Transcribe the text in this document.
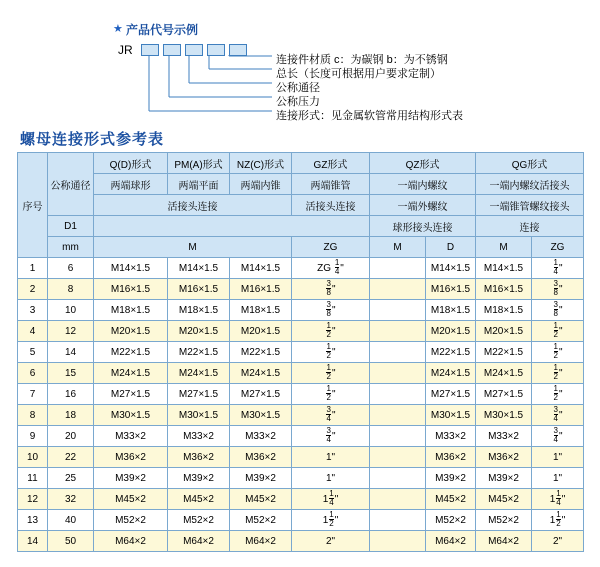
★ 产品代号示例
JR
连接件材质 c：为碳钢 b：为不锈钢
总长（长度可根据用户要求定制）
公称通径
公称压力
连接形式：见金属软管常用结构形式表
螺母连接形式参考表
序号	公称通径	Q(D)形式	PM(A)形式	NZ(C)形式	GZ形式	QZ形式		QG形式	
		两端球形	两端平面	两端内锥	两端锥管	一端内螺纹		一端内螺纹活接头	
		活接头连接			活接头连接	一端外螺纹		一端锥管螺纹接头	
	D1					球形接头连接		连接	
	mm	M			ZG	M	D	M	ZG
1	6	M14×1.5	M14×1.5	M14×1.5	ZG $\frac{1}{4}$ "		M14×1.5	M14×1.5	$\frac{1}{4}$ "
2	8	M16×1.5	M16×1.5	M16×1.5	$\frac{3}{8}$ "		M16×1.5	M16×1.5	$\frac{3}{8}$ "
3	10	M18×1.5	M18×1.5	M18×1.5	$\frac{3}{8}$ "		M18×1.5	M18×1.5	$\frac{3}{8}$ "
4	12	M20×1.5	M20×1.5	M20×1.5	$\frac{1}{2}$ "		M20×1.5	M20×1.5	$\frac{1}{2}$ "
5	14	M22×1.5	M22×1.5	M22×1.5	$\frac{1}{2}$ "		M22×1.5	M22×1.5	$\frac{1}{2}$ "
6	15	M24×1.5	M24×1.5	M24×1.5	$\frac{1}{2}$ "		M24×1.5	M24×1.5	$\frac{1}{2}$ "
7	16	M27×1.5	M27×1.5	M27×1.5	$\frac{1}{2}$ "		M27×1.5	M27×1.5	$\frac{1}{2}$ "
8	18	M30×1.5	M30×1.5	M30×1.5	$\frac{3}{4}$ "		M30×1.5	M30×1.5	$\frac{3}{4}$ "
9	20	M33×2	M33×2	M33×2	$\frac{3}{4}$ "		M33×2	M33×2	$\frac{3}{4}$ "
10	22	M36×2	M36×2	M36×2	1"		M36×2	M36×2	1"
11	25	M39×2	M39×2	M39×2	1"		M39×2	M39×2	1"
12	32	M45×2	M45×2	M45×2	$1 \frac{1}{4}$ "		M45×2	M45×2	$1 \frac{1}{4}$ "
13	40	M52×2	M52×2	M52×2	$1 \frac{1}{2}$ "		M52×2	M52×2	$1 \frac{1}{2}$ "
14	50	M64×2	M64×2	M64×2	2"		M64×2	M64×2	2"
